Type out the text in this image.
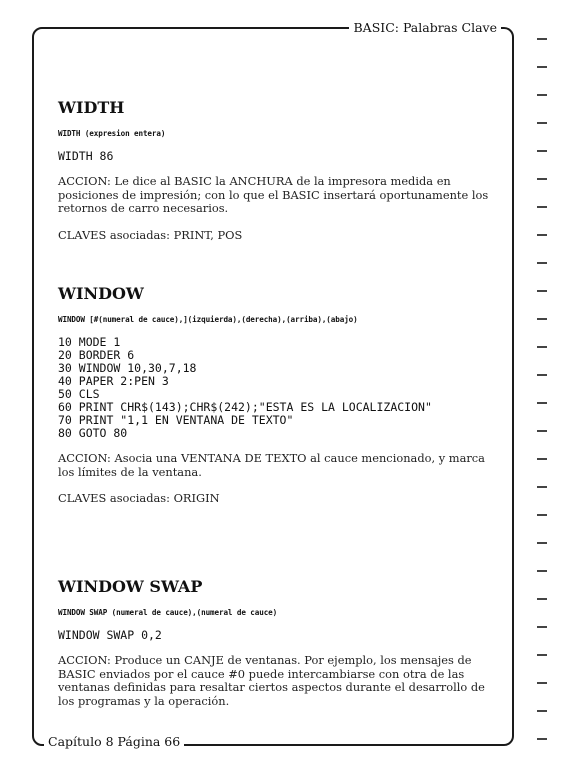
BASIC: Palabras Clave
Capítulo 8 Página 66
WIDTH
WIDTH (expresion entera)
WIDTH 86

ACCION: Le dice al BASIC la ANCHURA de la impresora medida en posiciones de impresión; con lo que el BASIC insertará oportunamente los retornos de carro necesarios.

CLAVES asociadas: PRINT, POS

WINDOW
WINDOW [#(numeral de cauce),](izquierda),(derecha),(arriba),(abajo)
10 MODE 1
20 BORDER 6
30 WINDOW 10,30,7,18
40 PAPER 2:PEN 3
50 CLS
60 PRINT CHR$(143);CHR$(242);"ESTA ES LA LOCALIZACION"
70 PRINT "1,1 EN VENTANA DE TEXTO"
80 GOTO 80

ACCION: Asocia una VENTANA DE TEXTO al cauce mencionado, y marca los límites de la ventana.

CLAVES asociadas: ORIGIN

WINDOW SWAP
WINDOW SWAP (numeral de cauce),(numeral de cauce)
WINDOW SWAP 0,2

ACCION: Produce un CANJE de ventanas. Por ejemplo, los mensajes de BASIC enviados por el cauce #0 puede intercambiarse con otra de las ventanas definidas para resaltar ciertos aspectos durante el desarrollo de los programas y la operación.
